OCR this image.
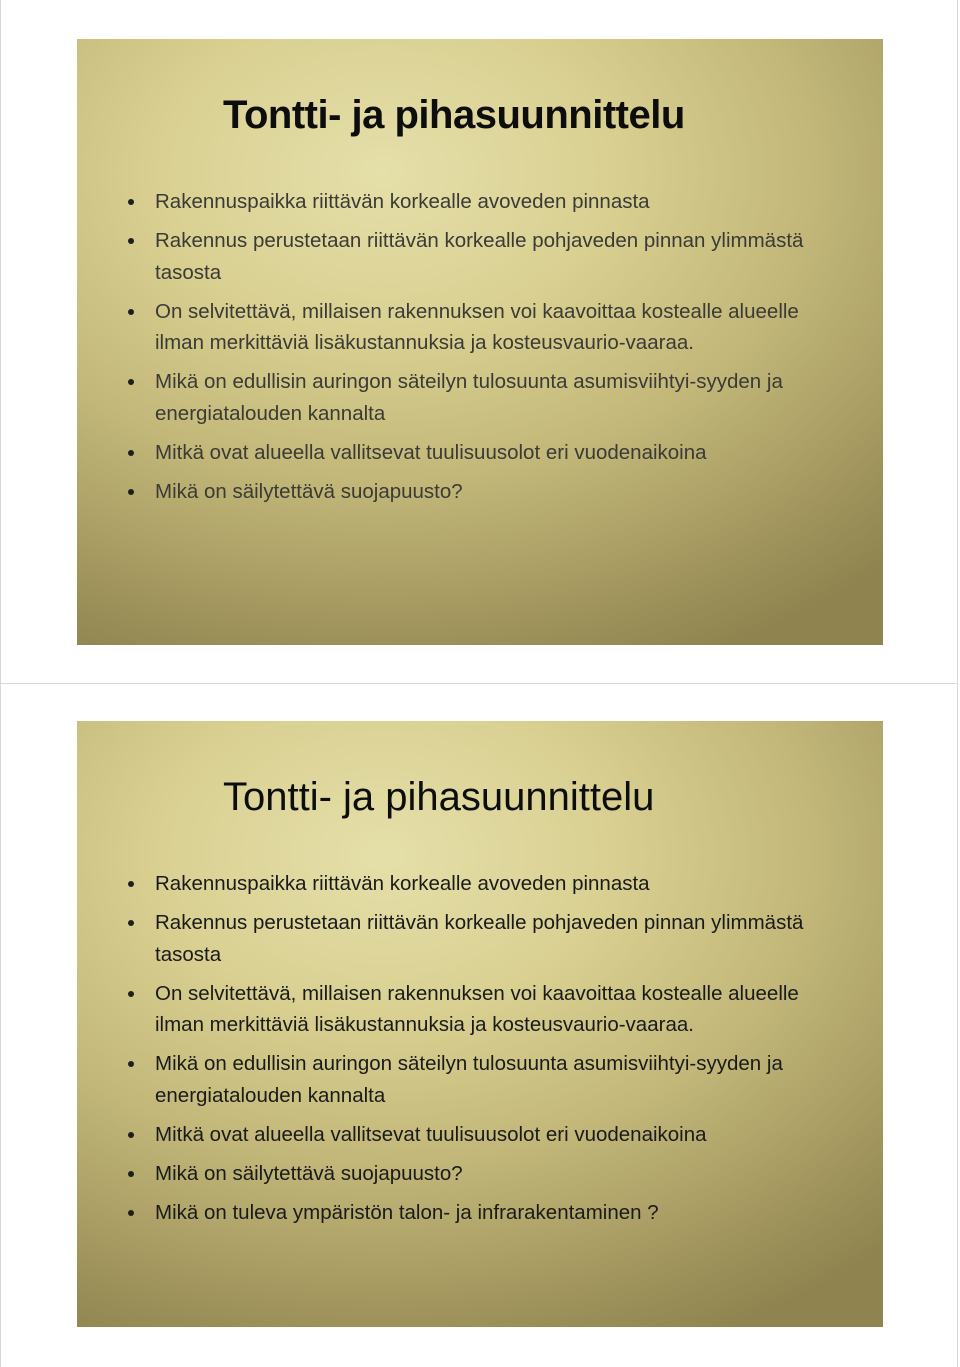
Tontti- ja pihasuunnittelu
Rakennuspaikka riittävän korkealle avoveden pinnasta
Rakennus perustetaan riittävän korkealle pohjaveden pinnan ylimmästä tasosta
On selvitettävä, millaisen rakennuksen voi kaavoittaa kostealle alueelle ilman merkittäviä lisäkustannuksia ja kosteusvaurio-vaaraa.
Mikä on edullisin auringon säteilyn tulosuunta asumisviihtyi-syyden ja energiatalouden kannalta
Mitkä ovat alueella vallitsevat tuulisuusolot eri vuodenaikoina
Mikä on säilytettävä suojapuusto?
Tontti- ja pihasuunnittelu
Rakennuspaikka riittävän korkealle avoveden pinnasta
Rakennus perustetaan riittävän korkealle pohjaveden pinnan ylimmästä tasosta
On selvitettävä, millaisen rakennuksen voi kaavoittaa kostealle alueelle ilman merkittäviä lisäkustannuksia ja kosteusvaurio-vaaraa.
Mikä on edullisin auringon säteilyn tulosuunta asumisviihtyi-syyden ja energiatalouden kannalta
Mitkä ovat alueella vallitsevat tuulisuusolot eri vuodenaikoina
Mikä on säilytettävä suojapuusto?
Mikä on tuleva ympäristön talon- ja infrarakentaminen ?
